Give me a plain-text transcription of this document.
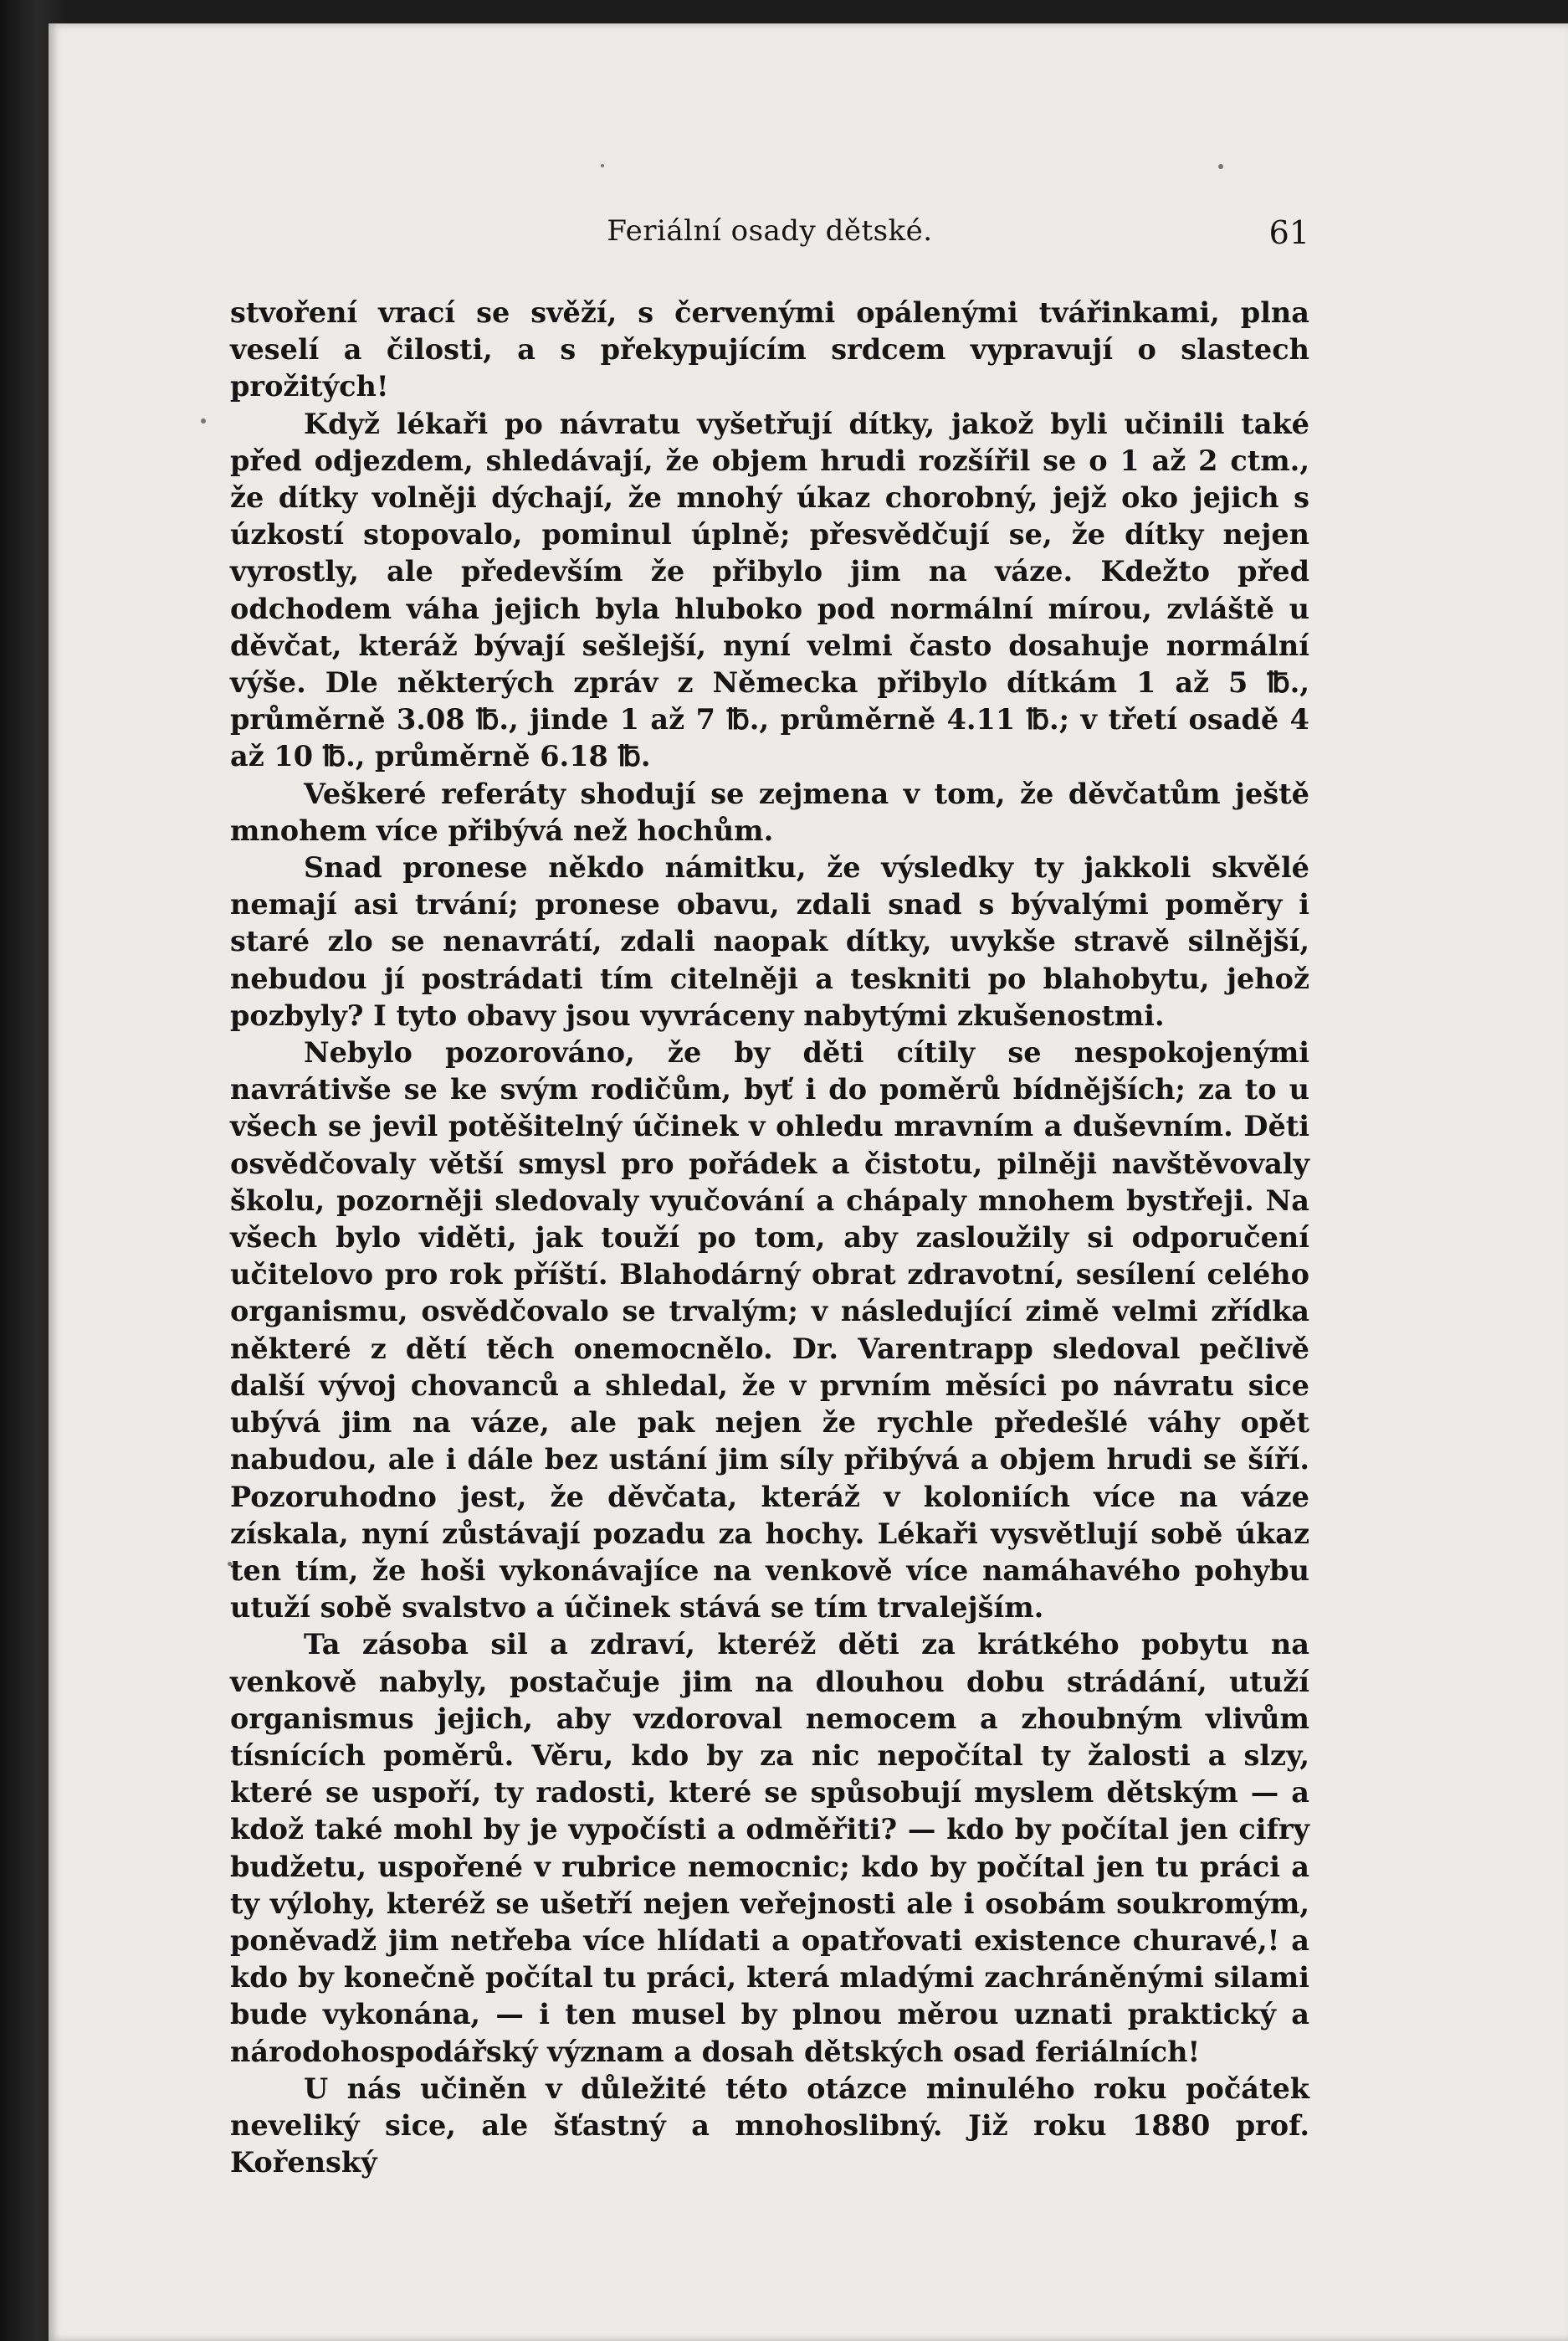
Feriální osady dětské.	61

stvoření vrací se svěží, s červenými opálenými tvářinkami, plna veselí a čilosti, a s překypujícím srdcem vypravují o slastech prožitých!

Když lékaři po návratu vyšetřují dítky, jakož byli učinili také před odjezdem, shledávají, že objem hrudi rozšířil se o 1 až 2 ctm., že dítky volněji dýchají, že mnohý úkaz chorobný, jejž oko jejich s úzkostí stopovalo, pominul úplně; přesvědčují se, že dítky nejen vyrostly, ale především že přibylo jim na váze. Kdežto před odchodem váha jejich byla hluboko pod normální mírou, zvláště u děvčat, kteráž bývají sešlejší, nyní velmi často dosahuje normální výše. Dle některých zpráv z Německa přibylo dítkám 1 až 5 ℔., průměrně 3.08 ℔., jinde 1 až 7 ℔., průměrně 4.11 ℔.; v třetí osadě 4 až 10 ℔., průměrně 6.18 ℔.

Veškeré referáty shodují se zejmena v tom, že děvčatům ještě mnohem více přibývá než hochům.

Snad pronese někdo námitku, že výsledky ty jakkoli skvělé nemají asi trvání; pronese obavu, zdali snad s bývalými poměry i staré zlo se nenavrátí, zdali naopak dítky, uvykše stravě silnější, nebudou jí postrádati tím citelněji a teskniti po blahobytu, jehož pozbyly? I tyto obavy jsou vyvráceny nabytými zkušenostmi.

Nebylo pozorováno, že by děti cítily se nespokojenými navrátivše se ke svým rodičům, byť i do poměrů bídnějších; za to u všech se jevil potěšitelný účinek v ohledu mravním a duševním. Děti osvědčovaly větší smysl pro pořádek a čistotu, pilněji navštěvovaly školu, pozorněji sledovaly vyučování a chápaly mnohem bystřeji. Na všech bylo viděti, jak touží po tom, aby zasloužily si odporučení učitelovo pro rok příští. Blahodárný obrat zdravotní, sesílení celého organismu, osvědčovalo se trvalým; v následující zimě velmi zřídka některé z dětí těch onemocnělo. Dr. Varentrapp sledoval pečlivě další vývoj chovanců a shledal, že v prvním měsíci po návratu sice ubývá jim na váze, ale pak nejen že rychle předešlé váhy opět nabudou, ale i dále bez ustání jim síly přibývá a objem hrudi se šíří. Pozoruhodno jest, že děvčata, kteráž v koloniích více na váze získala, nyní zůstávají pozadu za hochy. Lékaři vysvětlují sobě úkaz ten tím, že hoši vykonávajíce na venkově více namáhavého pohybu utuží sobě svalstvo a účinek stává se tím trvalejším.

Ta zásoba sil a zdraví, kteréž děti za krátkého pobytu na venkově nabyly, postačuje jim na dlouhou dobu strádání, utuží organismus jejich, aby vzdoroval nemocem a zhoubným vlivům tísnících poměrů. Věru, kdo by za nic nepočítal ty žalosti a slzy, které se uspoří, ty radosti, které se spůsobují myslem dětským — a kdož také mohl by je vypočísti a odměřiti? — kdo by počítal jen cifry budžetu, uspořené v rubrice nemocnic; kdo by počítal jen tu práci a ty výlohy, kteréž se ušetří nejen veřejnosti ale i osobám soukromým, poněvadž jim netřeba více hlídati a opatřovati existence churavé,! a kdo by konečně počítal tu práci, která mladými zachráněnými silami bude vykonána, — i ten musel by plnou měrou uznati praktický a národohospodářský význam a dosah dětských osad feriálních!

U nás učiněn v důležité této otázce minulého roku počátek neveliký sice, ale šťastný a mnohoslibný. Již roku 1880 prof. Kořenský
